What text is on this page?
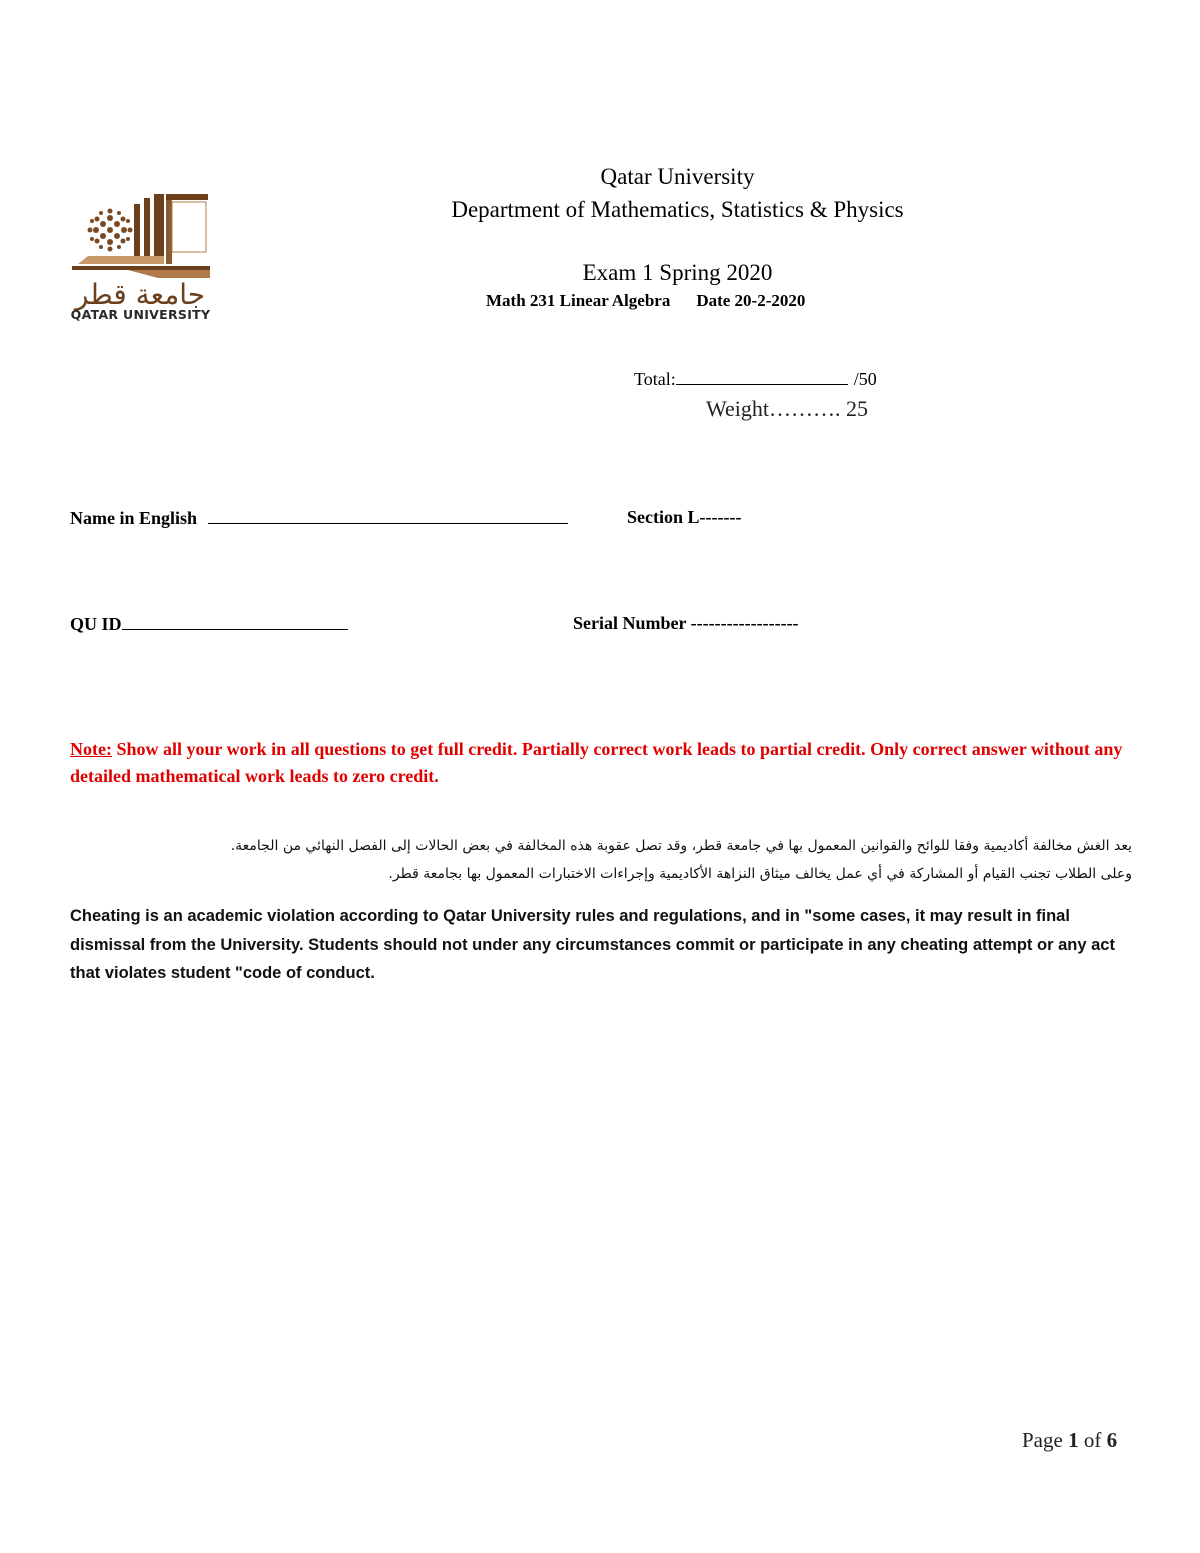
جامعة قطر
QATAR UNIVERSITY
Qatar University
Department of Mathematics, Statistics & Physics
Exam 1 Spring 2020
Math 231 Linear Algebra Date 20-2-2020
Total:	/50
Weight………. 25
Name in English	Section L-------
QU ID	Serial Number ------------------
Note: Show all your work in all questions to get full credit. Partially correct work leads to partial credit. Only correct answer without any detailed mathematical work leads to zero credit.
يعد الغش مخالفة أكاديمية وفقا للوائح والقوانين المعمول بها في جامعة قطر، وقد تصل عقوبة هذه المخالفة في بعض الحالات إلى الفصل النهائي من الجامعة.
وعلى الطلاب تجنب القيام أو المشاركة في أي عمل يخالف ميثاق النزاهة الأكاديمية وإجراءات الاختبارات المعمول بها بجامعة قطر.
Cheating is an academic violation according to Qatar University rules and regulations, and in "some cases, it may result in final dismissal from the University. Students should not under any circumstances commit or participate in any cheating attempt or any act that violates student "code of conduct.
Page 1 of 6
